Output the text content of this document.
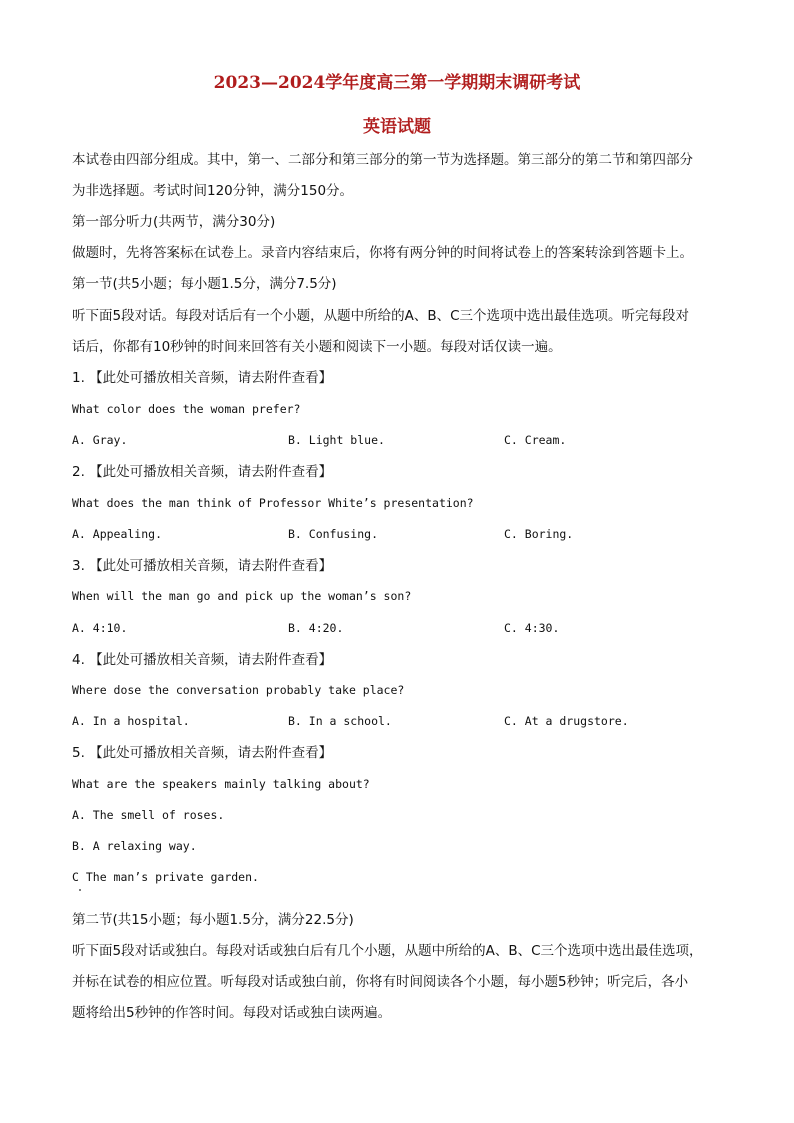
2023—2024学年度高三第一学期期末调研考试
英语试题
本试卷由四部分组成。其中，第一、二部分和第三部分的第一节为选择题。第三部分的第二节和第四部分
为非选择题。考试时间120分钟，满分150分。
第一部分听力(共两节，满分30分)
做题时，先将答案标在试卷上。录音内容结束后，你将有两分钟的时间将试卷上的答案转涂到答题卡上。
第一节(共5小题；每小题1.5分，满分7.5分)
听下面5段对话。每段对话后有一个小题，从题中所给的A、B、C三个选项中选出最佳选项。听完每段对
话后，你都有10秒钟的时间来回答有关小题和阅读下一小题。每段对话仅读一遍。
1. 【此处可播放相关音频，请去附件查看】
What color does the woman prefer?
A. Gray.	B. Light blue.	C. Cream.
2. 【此处可播放相关音频，请去附件查看】
What does the man think of Professor White’s presentation?
A. Appealing.	B. Confusing.	C. Boring.
3. 【此处可播放相关音频，请去附件查看】
When will the man go and pick up the woman’s son?
A. 4:10.	B. 4:20.	C. 4:30.
4. 【此处可播放相关音频，请去附件查看】
Where dose the conversation probably take place?
A. In a hospital.	B. In a school.	C. At a drugstore.
5. 【此处可播放相关音频，请去附件查看】
What are the speakers mainly talking about?
A. The smell of roses.
B. A relaxing way.
C The man’s private garden.
第二节(共15小题；每小题1.5分，满分22.5分)
听下面5段对话或独白。每段对话或独白后有几个小题，从题中所给的A、B、C三个选项中选出最佳选项，
并标在试卷的相应位置。听每段对话或独白前，你将有时间阅读各个小题，每小题5秒钟；听完后，各小
题将给出5秒钟的作答时间。每段对话或独白读两遍。
